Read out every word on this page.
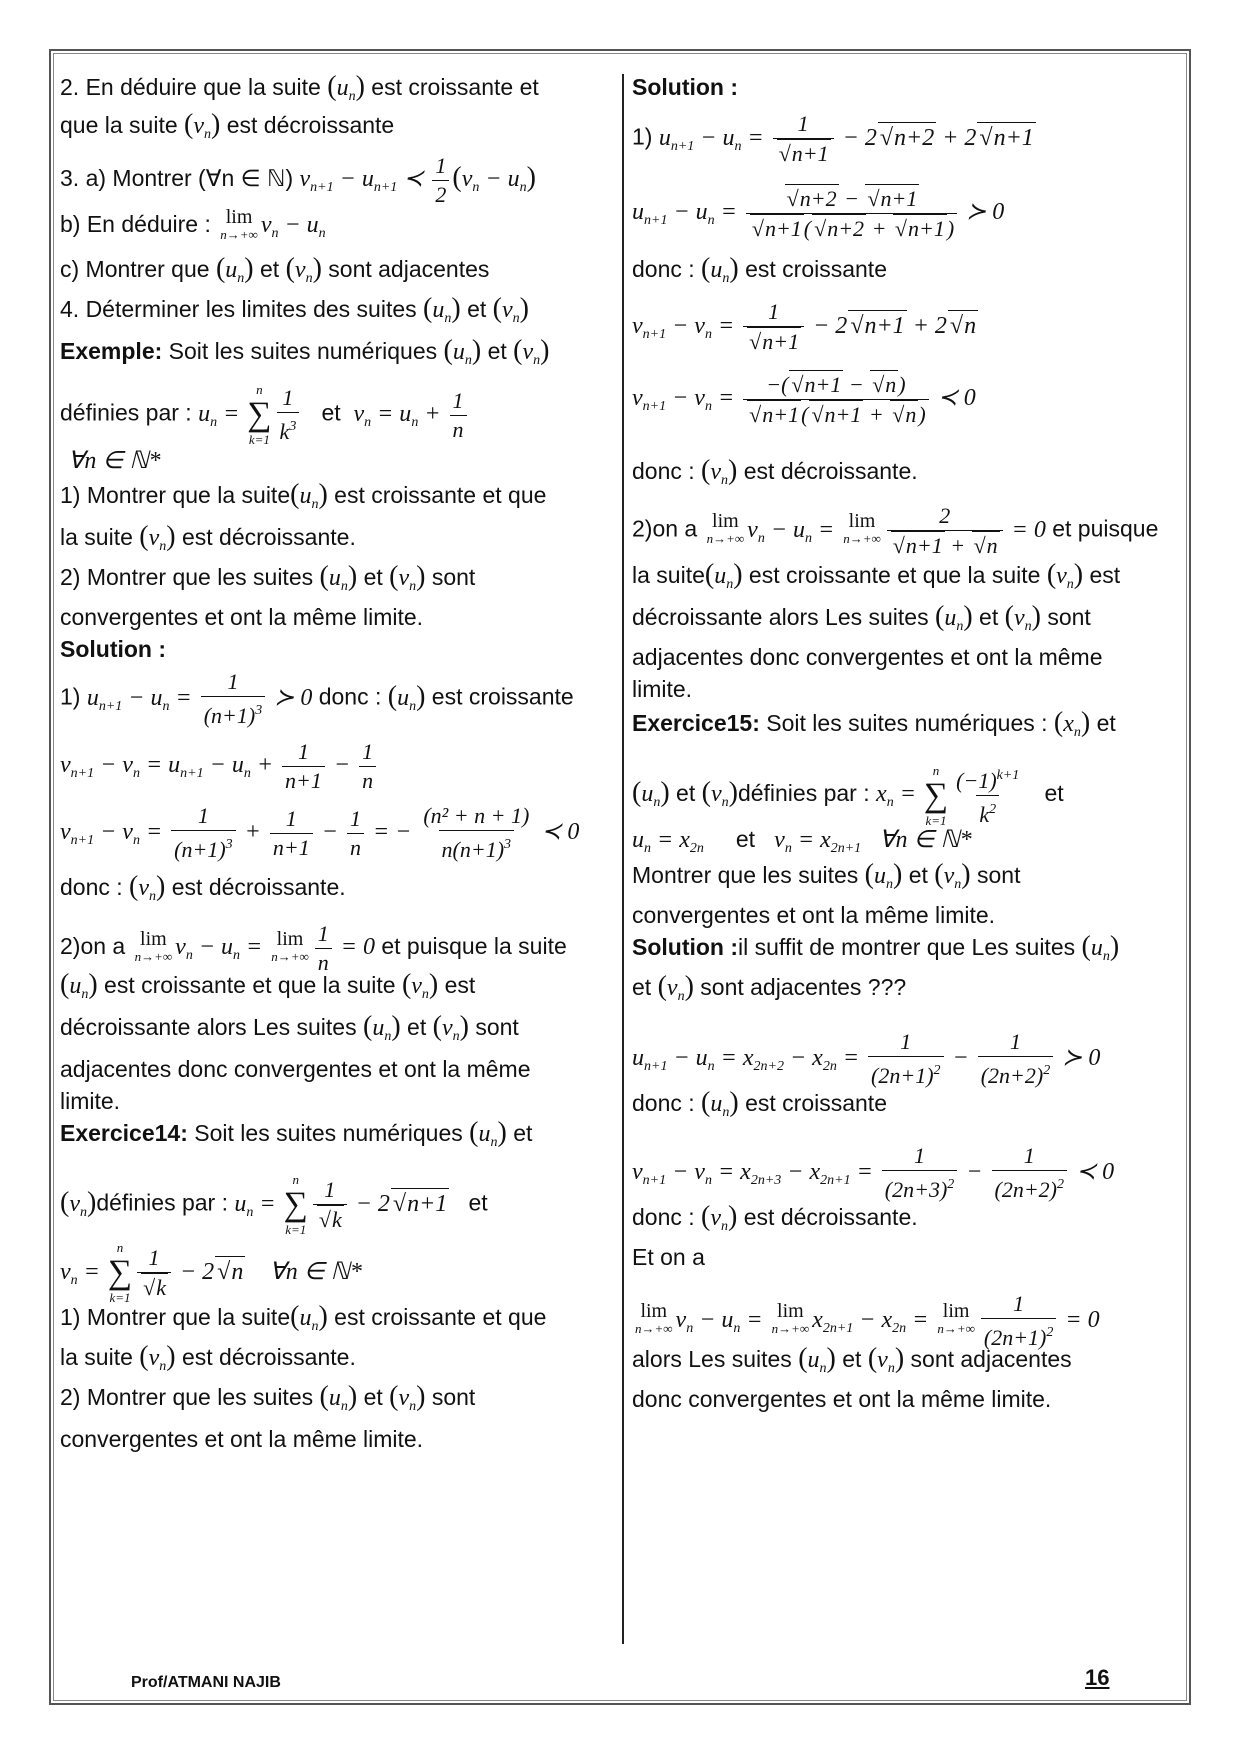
2. En déduire que la suite $(u_n)$ est croissante et
que la suite $(v_n)$ est décroissante
3. a) Montrer (∀n ∈ ℕ) $v_{n+1} - u_{n+1}$ ≺ $\frac{1}{2} (v_n - u_n)$
b) En déduire : lim
n→+∞ $v_n - u_n$
c) Montrer que $(u_n)$ et $(v_n)$ sont adjacentes
4. Déterminer les limites des suites $(u_n)$ et $(v_n)$
Exemple: Soit les suites numériques $(u_n)$ et $(v_n)$
définies par : $u_n$ =
n
∑
$k=1 \frac{1}{k^3}$ et $v_n = u_n + \frac{1}{n}$
∀n ∈ ℕ*
1) Montrer que la $suite(u_n)$ est croissante et que
la suite $(v_n)$ est décroissante.
2) Montrer que les suites $(u_n)$ et $(v_n)$ sont
convergentes et ont la même limite.
Solution :
1) $u_{n+1} - u_n = \frac{1}{(n+1)^3}$ ≻ 0 donc : $(u_n)$ est croissante
$v_{n+1} - v_n = u_{n+1} - u_n + \frac{1}{n+1} - \frac{1}{n}$
$v_{n+1} - v_n = \frac{1}{(n+1)^3} + \frac{1}{n+1} - \frac{1}{n}$ = − $\frac{\text{(n² + n + 1)}}{n(n+1)^3}$ ≺ 0
donc : $(v_n)$ est décroissante.
2)on a lim
n→+∞ $v_n - u_n = \lim$
$n\to+\infty \frac{1}{n} = 0$ et puisque la suite
$(u_n)$ est croissante et que la suite $(v_n)$ est
décroissante alors Les suites $(u_n)$ et $(v_n)$ sont
adjacentes donc convergentes et ont la même
limite.
Exercice14: Soit les suites numériques $(u_n)$ et
$(v_n)définies$ par : $u_n$ =
n
∑
k=1 1
√ k − 2 √ n+1 et
$v_n$ =
n
∑
k=1 1
√ k − 2 √ n    ∀n ∈ ℕ*
1) Montrer que la $suite(u_n)$ est croissante et que
la suite $(v_n)$ est décroissante.
2) Montrer que les suites $(u_n)$ et $(v_n)$ sont
convergentes et ont la même limite.
Solution :
1) $u_{n+1} - u_n = 1$
√ n+1 − 2 √ n+2 + 2 √ n+1
$u_{n+1} - u_n$ = √ n+2 − √ n+1
√ n+1( √ n+2 + √ n+1) ≻ 0
donc : $(u_n)$ est croissante
$v_{n+1} - v_n = 1$
√ n+1 − 2 √ n+1 + 2 √ n
$v_{n+1} - v_n$ = −( √ n+1 − √ n)
√ n+1( √ n+1 + √ n) ≺ 0
donc : $(v_n)$ est décroissante.
2)on a lim
n→+∞ $v_n - u_n = \lim$
n→+∞ 2
√ n+1 + √ n = 0 et puisque
la $suite(u_n)$ est croissante et que la suite $(v_n)$ est
décroissante alors Les suites $(u_n)$ et $(v_n)$ sont
adjacentes donc convergentes et ont la même
limite.
Exercice15: Soit les suites numériques : $(x_n)$ et
$(u_n)$ et $(v_n)définies$ par : $x_n$ =
n
∑
$k=1 \frac{(-1)^{k+1}}{k^2}$ et
$u_n = x_{2n}$ et $v_n = x_{2n+1}$   ∀n ∈ ℕ*
Montrer que les suites $(u_n)$ et $(v_n)$ sont
convergentes et ont la même limite.
Solution :il suffit de montrer que Les suites $(u_n)$
et $(v_n)$ sont adjacentes ???
$u_{n+1} - u_n = x_{2n+2} - x_{2n} = \frac{1}{(2n+1)^2} - \frac{1}{(2n+2)^2}$ ≻ 0
donc : $(u_n)$ est croissante
$v_{n+1} - v_n = x_{2n+3} - x_{2n+1} = \frac{1}{(2n+3)^2} - \frac{1}{(2n+2)^2}$ ≺ 0
donc : $(v_n)$ est décroissante.
Et on a
lim
n→+∞ $v_n - u_n = \lim$
n→+∞ $x_{2n+1} - x_{2n} = \lim$
$n\to+\infty \frac{1}{(2n+1)^2} = 0$
alors Les suites $(u_n)$ et $(v_n)$ sont adjacentes
donc convergentes et ont la même limite.
Prof/ATMANI NAJIB	16
